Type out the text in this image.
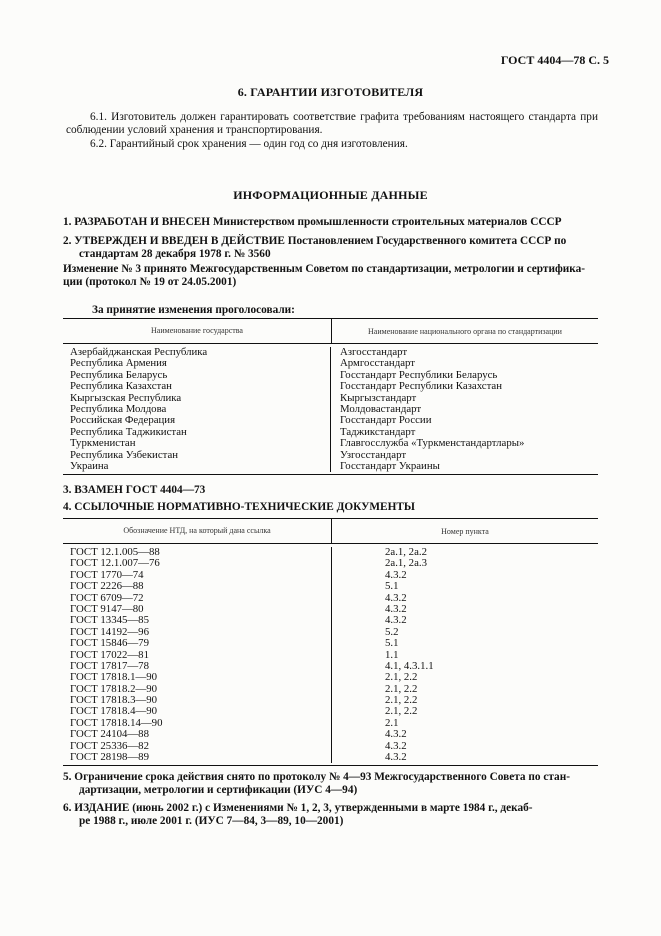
ГОСТ 4404—78 С. 5
6. ГАРАНТИИ ИЗГОТОВИТЕЛЯ
6.1. Изготовитель должен гарантировать соответствие графита требованиям настоящего стандарта при соблюдении условий хранения и транспортирования.
6.2. Гарантийный срок хранения — один год со дня изготовления.
ИНФОРМАЦИОННЫЕ ДАННЫЕ
1. РАЗРАБОТАН И ВНЕСЕН Министерством промышленности строительных материалов СССР
2. УТВЕРЖДЕН И ВВЕДЕН В ДЕЙСТВИЕ Постановлением Государственного комитета СССР по
стандартам 28 декабря 1978 г. № 3560
Изменение № 3 принято Межгосударственным Советом по стандартизации, метрологии и сертифика-
ции (протокол № 19 от 24.05.2001)
За принятие изменения проголосовали:
Наименование государства	Наименование национального органа по стандартизации
Азербайджанская Республика
Республика Армения
Республика Беларусь
Республика Казахстан
Кыргызская Республика
Республика Молдова
Российская Федерация
Республика Таджикистан
Туркменистан
Республика Узбекистан
Украина
Азгосстандарт
Армгосстандарт
Госстандарт Республики Беларусь
Госстандарт Республики Казахстан
Кыргызстандарт
Молдовастандарт
Госстандарт России
Таджикстандарт
Главгосслужба «Туркменстандартлары»
Узгосстандарт
Госстандарт Украины
3. ВЗАМЕН ГОСТ 4404—73
4. ССЫЛОЧНЫЕ НОРМАТИВНО-ТЕХНИЧЕСКИЕ ДОКУМЕНТЫ
Обозначение НТД, на который дана ссылка	Номер пункта
ГОСТ 12.1.005—88
ГОСТ 12.1.007—76
ГОСТ 1770—74
ГОСТ 2226—88
ГОСТ 6709—72
ГОСТ 9147—80
ГОСТ 13345—85
ГОСТ 14192—96
ГОСТ 15846—79
ГОСТ 17022—81
ГОСТ 17817—78
ГОСТ 17818.1—90
ГОСТ 17818.2—90
ГОСТ 17818.3—90
ГОСТ 17818.4—90
ГОСТ 17818.14—90
ГОСТ 24104—88
ГОСТ 25336—82
ГОСТ 28198—89
2а.1, 2а.2
2а.1, 2а.3
4.3.2
5.1
4.3.2
4.3.2
4.3.2
5.2
5.1
1.1
4.1, 4.3.1.1
2.1, 2.2
2.1, 2.2
2.1, 2.2
2.1, 2.2
2.1
4.3.2
4.3.2
4.3.2
5. Ограничение срока действия снято по протоколу № 4—93 Межгосударственного Совета по стан-
дартизации, метрологии и сертификации (ИУС 4—94)
6. ИЗДАНИЕ (июнь 2002 г.) с Изменениями № 1, 2, 3, утвержденными в марте 1984 г., декаб-
ре 1988 г., июле 2001 г. (ИУС 7—84, 3—89, 10—2001)
